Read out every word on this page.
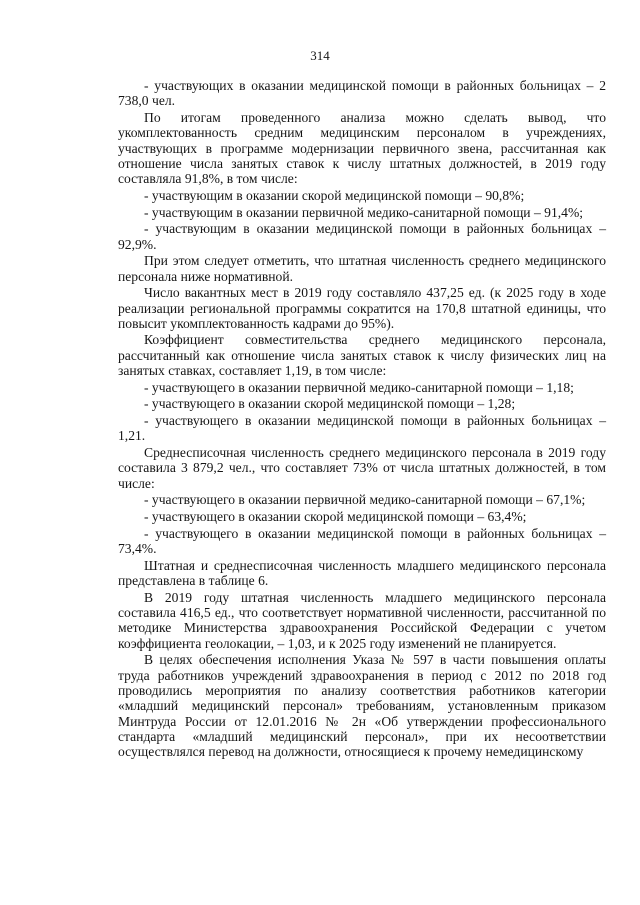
314

- участвующих в оказании медицинской помощи в районных больницах – 2 738,0 чел.

По итогам проведенного анализа можно сделать вывод, что укомплектованность средним медицинским персоналом в учреждениях, участвующих в программе модернизации первичного звена, рассчитанная как отношение числа занятых ставок к числу штатных должностей, в 2019 году составляла 91,8%, в том числе:

- участвующим в оказании скорой медицинской помощи – 90,8%;

- участвующим в оказании первичной медико-санитарной помощи – 91,4%;

- участвующим в оказании медицинской помощи в районных больницах – 92,9%.

При этом следует отметить, что штатная численность среднего медицинского персонала ниже нормативной.

Число вакантных мест в 2019 году составляло 437,25 ед. (к 2025 году в ходе реализации региональной программы сократится на 170,8 штатной единицы, что повысит укомплектованность кадрами до 95%).

Коэффициент совместительства среднего медицинского персонала, рассчитанный как отношение числа занятых ставок к числу физических лиц на занятых ставках, составляет 1,19, в том числе:

- участвующего в оказании первичной медико-санитарной помощи – 1,18;

- участвующего в оказании скорой медицинской помощи – 1,28;

- участвующего в оказании медицинской помощи в районных больницах – 1,21.

Среднесписочная численность среднего медицинского персонала в 2019 году составила 3 879,2 чел., что составляет 73% от числа штатных должностей, в том числе:

- участвующего в оказании первичной медико-санитарной помощи – 67,1%;

- участвующего в оказании скорой медицинской помощи – 63,4%;

- участвующего в оказании медицинской помощи в районных больницах – 73,4%.

Штатная и среднесписочная численность младшего медицинского персонала представлена в таблице 6.

В 2019 году штатная численность младшего медицинского персонала составила 416,5 ед., что соответствует нормативной численности, рассчитанной по методике Министерства здравоохранения Российской Федерации с учетом коэффициента геолокации, – 1,03, и к 2025 году изменений не планируется.

В целях обеспечения исполнения Указа № 597 в части повышения оплаты труда работников учреждений здравоохранения в период с 2012 по 2018 год проводились мероприятия по анализу соответствия работников категории «младший медицинский персонал» требованиям, установленным приказом Минтруда России от 12.01.2016 № 2н «Об утверждении профессионального стандарта «младший медицинский персонал», при их несоответствии осуществлялся перевод на должности, относящиеся к прочему немедицинскому
